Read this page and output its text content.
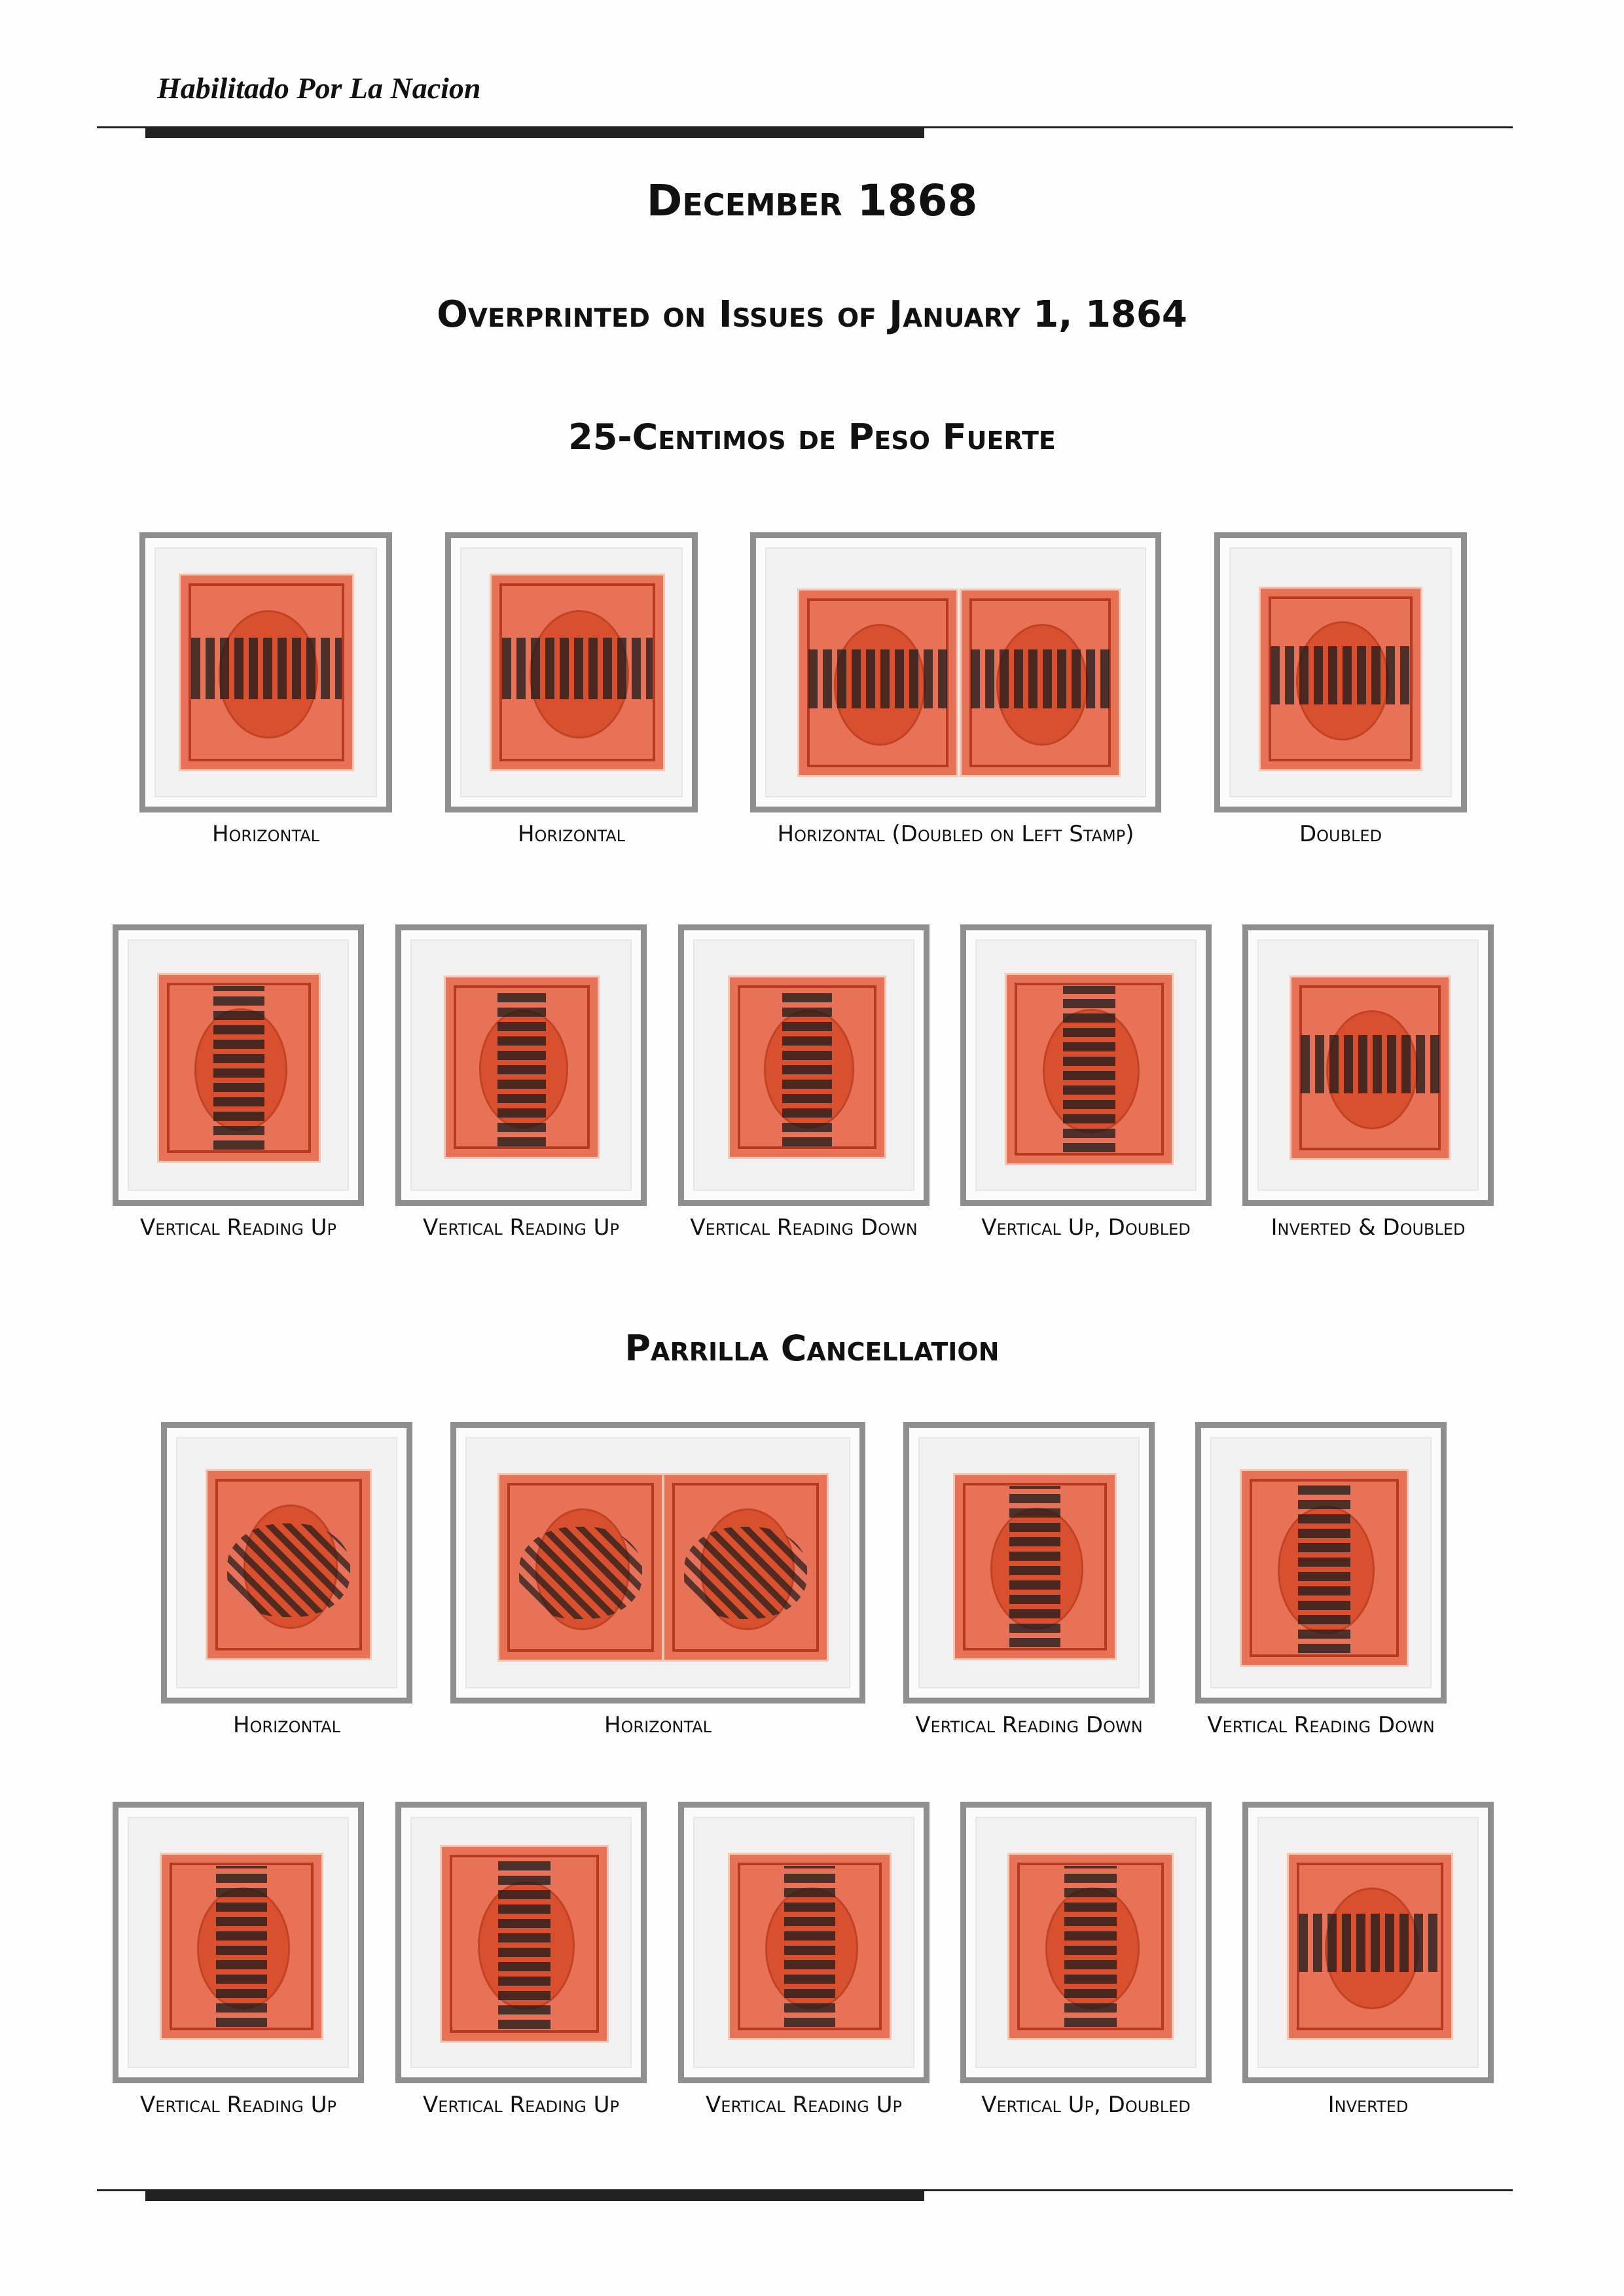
Habilitado Por La Nacion
December 1868
Overprinted on Issues of January 1, 1864
25-Centimos de Peso Fuerte
Horizontal	Horizontal	Horizontal (Doubled on Left Stamp)	Doubled
Vertical Reading Up	Vertical Reading Up	Vertical Reading Down	Vertical Up, Doubled	Inverted & Doubled
Parrilla Cancellation
Horizontal	Horizontal	Vertical Reading Down	Vertical Reading Down
Vertical Reading Up	Vertical Reading Up	Vertical Reading Up	Vertical Up, Doubled	Inverted
